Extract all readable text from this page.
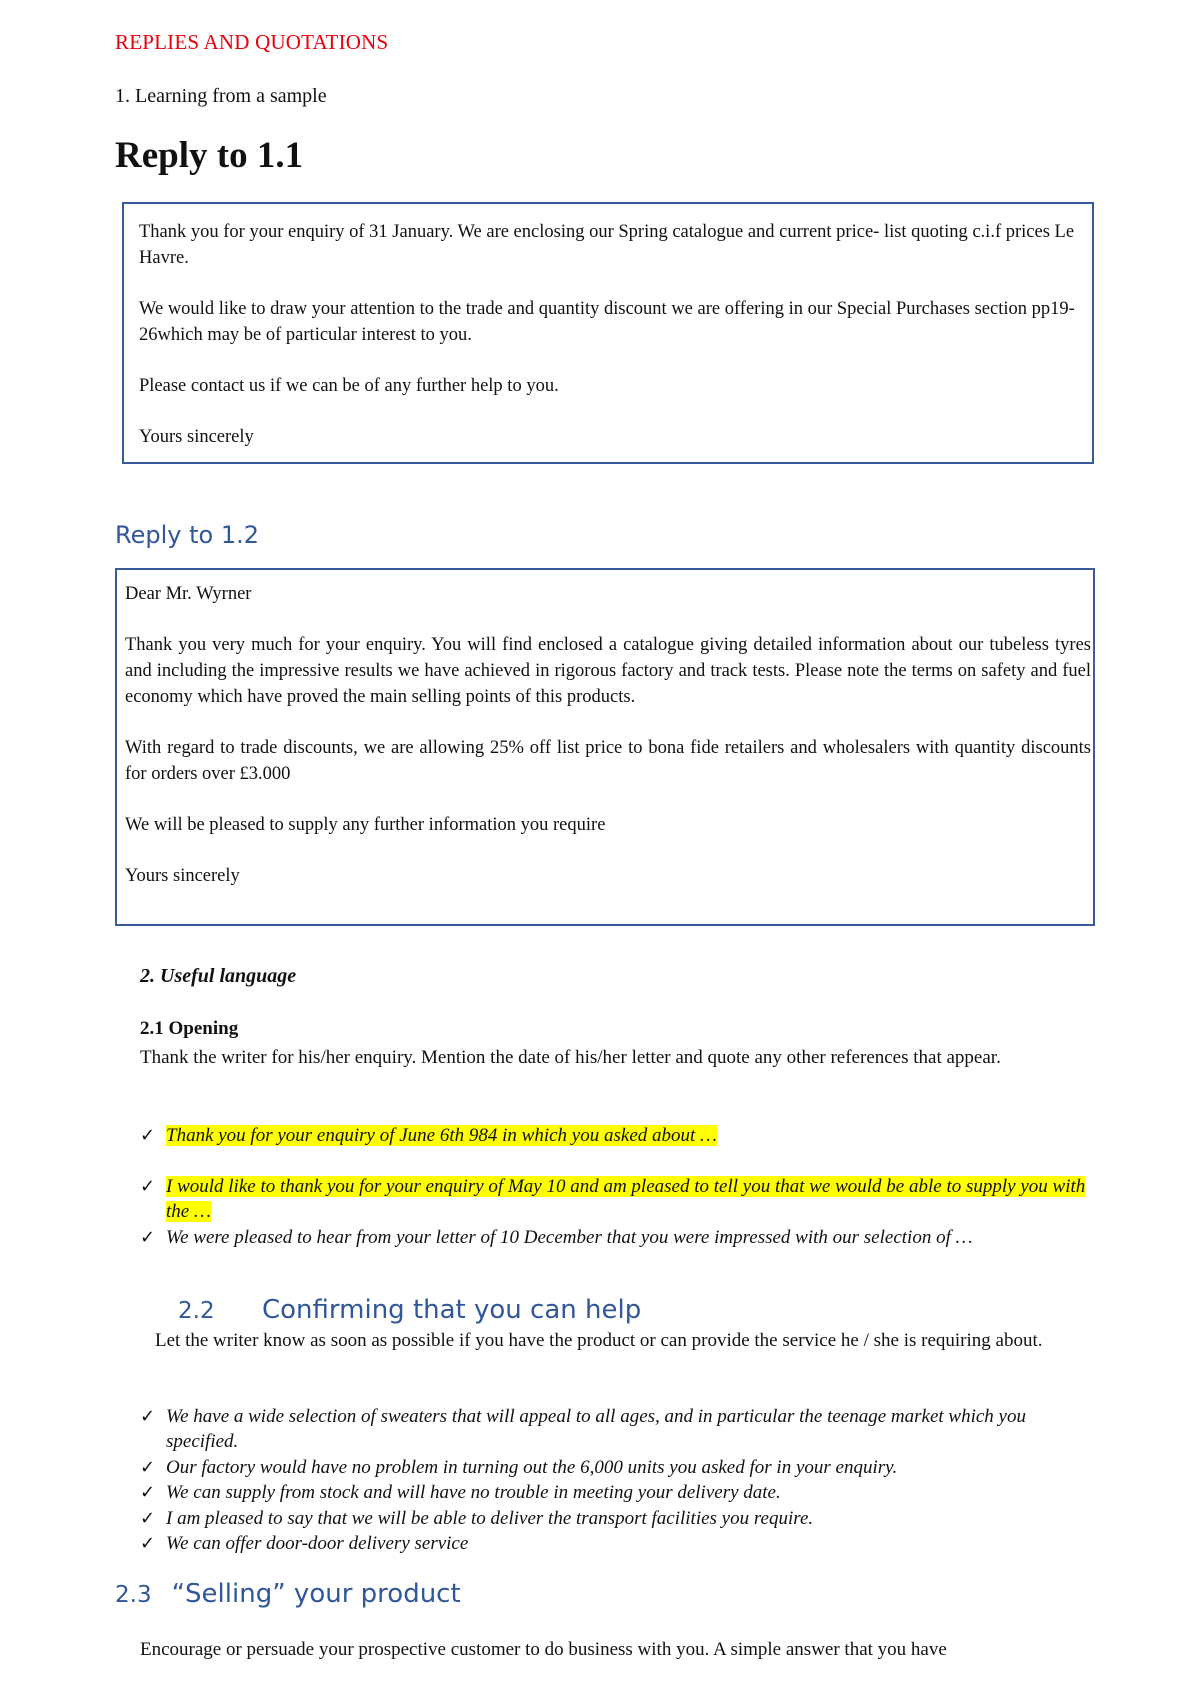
REPLIES AND QUOTATIONS
1. Learning from a sample
Reply to 1.1

Thank you for your enquiry of 31 January. We are enclosing our Spring catalogue and current price- list quoting c.i.f prices Le Havre.

We would like to draw your attention to the trade and quantity discount we are offering in our Special Purchases section pp19-26which may be of particular interest to you.

Please contact us if we can be of any further help to you.

Yours sincerely

Reply to 1.2

Dear Mr. Wyrner

Thank you very much for your enquiry. You will find enclosed a catalogue giving detailed information about our tubeless tyres and including the impressive results we have achieved in rigorous factory and track tests. Please note the terms on safety and fuel economy which have proved the main selling points of this products.

With regard to trade discounts, we are allowing 25% off list price to bona fide retailers and wholesalers with quantity discounts for orders over £3.000

We will be pleased to supply any further information you require

Yours sincerely

2. Useful language
2.1 Opening
Thank the writer for his/her enquiry. Mention the date of his/her letter and quote any other references that appear.
✓ Thank you for your enquiry of June 6th 984 in which you asked about …
✓ I would like to thank you for your enquiry of May 10 and am pleased to tell you that we would be able to supply you with the …
✓ We were pleased to hear from your letter of 10 December that you were impressed with our selection of …
2.2 Confirming that you can help
Let the writer know as soon as possible if you have the product or can provide the service he / she is requiring about.
✓ We have a wide selection of sweaters that will appeal to all ages, and in particular the teenage market which you specified.
✓ Our factory would have no problem in turning out the 6,000 units you asked for in your enquiry.
✓ We can supply from stock and will have no trouble in meeting your delivery date.
✓ I am pleased to say that we will be able to deliver the transport facilities you require.
✓ We can offer door-door delivery service
2.3 “Selling” your product
Encourage or persuade your prospective customer to do business with you. A simple answer that you have
